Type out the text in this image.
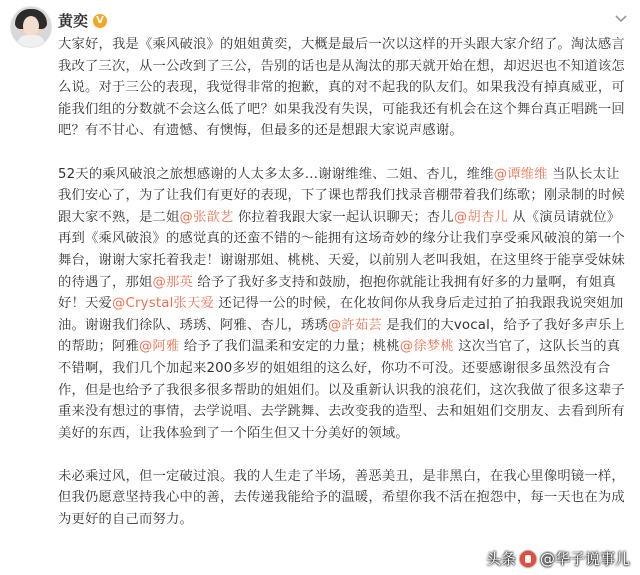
黄奕 V

大家好，我是《乘风破浪》的姐姐黄奕，大概是最后一次以这样的开头跟大家介绍了。淘汰感言我改了三次，从一公改到了三公，告别的话也是从淘汰的那天就开始在想，却迟迟也不知道该怎么说。对于三公的表现，我觉得非常的抱歉，真的对不起我的队友们。如果我没有掉真威亚，可能我们组的分数就不会这么低了吧？如果我没有失误，可能我还有机会在这个舞台真正唱跳一回吧？有不甘心、有遗憾、有懊悔，但最多的还是想跟大家说声感谢。

52天的乘风破浪之旅想感谢的人太多太多…谢谢维维、二姐、杏儿，维维@谭维维 当队长太让我们安心了，为了让我们有更好的表现，下了课也帮我们找录音棚带着我们练歌；刚录制的时候跟大家不熟，是二姐@张歆艺 你拉着我跟大家一起认识聊天；杏儿@胡杏儿 从《演员请就位》再到《乘风破浪》的感觉真的还蛮不错的～能拥有这场奇妙的缘分让我们享受乘风破浪的第一个舞台，谢谢大家托着我走！谢谢那姐、桃桃、天爱，以前别人老叫我姐，在这里终于能享受妹妹的待遇了，那姐@那英 给予了我好多支持和鼓励，抱抱你就能让我拥有好多的力量啊，有姐真好！天爱@Crystal张天爱 还记得一公的时候，在化妆间你从我身后走过拍了拍我跟我说突姐加油。谢谢我们徐队、琇琇、阿雅、杏儿，琇琇@許茹芸 是我们的大vocal，给予了我好多声乐上的帮助；阿雅@阿雅 给予了我们温柔和安定的力量；桃桃@徐梦桃 这次当官了，这队长当的真不错啊，我们几个加起来200多岁的姐姐组的这么好，你功不可没。还要感谢很多虽然没有合作，但是也给予了我很多很多帮助的姐姐们。以及重新认识我的浪花们，这次我做了很多这辈子重来没有想过的事情，去学说唱、去学跳舞、去改变我的造型、去和姐姐们交朋友、去看到所有美好的东西，让我体验到了一个陌生但又十分美好的领域。

未必乘过风，但一定破过浪。我的人生走了半场，善恶美丑，是非黑白，在我心里像明镜一样，但我仍愿意坚持我心中的善，去传递我能给予的温暖，希望你我不活在抱怨中，每一天也在为成为更好的自己而努力。

头条 @ 华子说事儿
